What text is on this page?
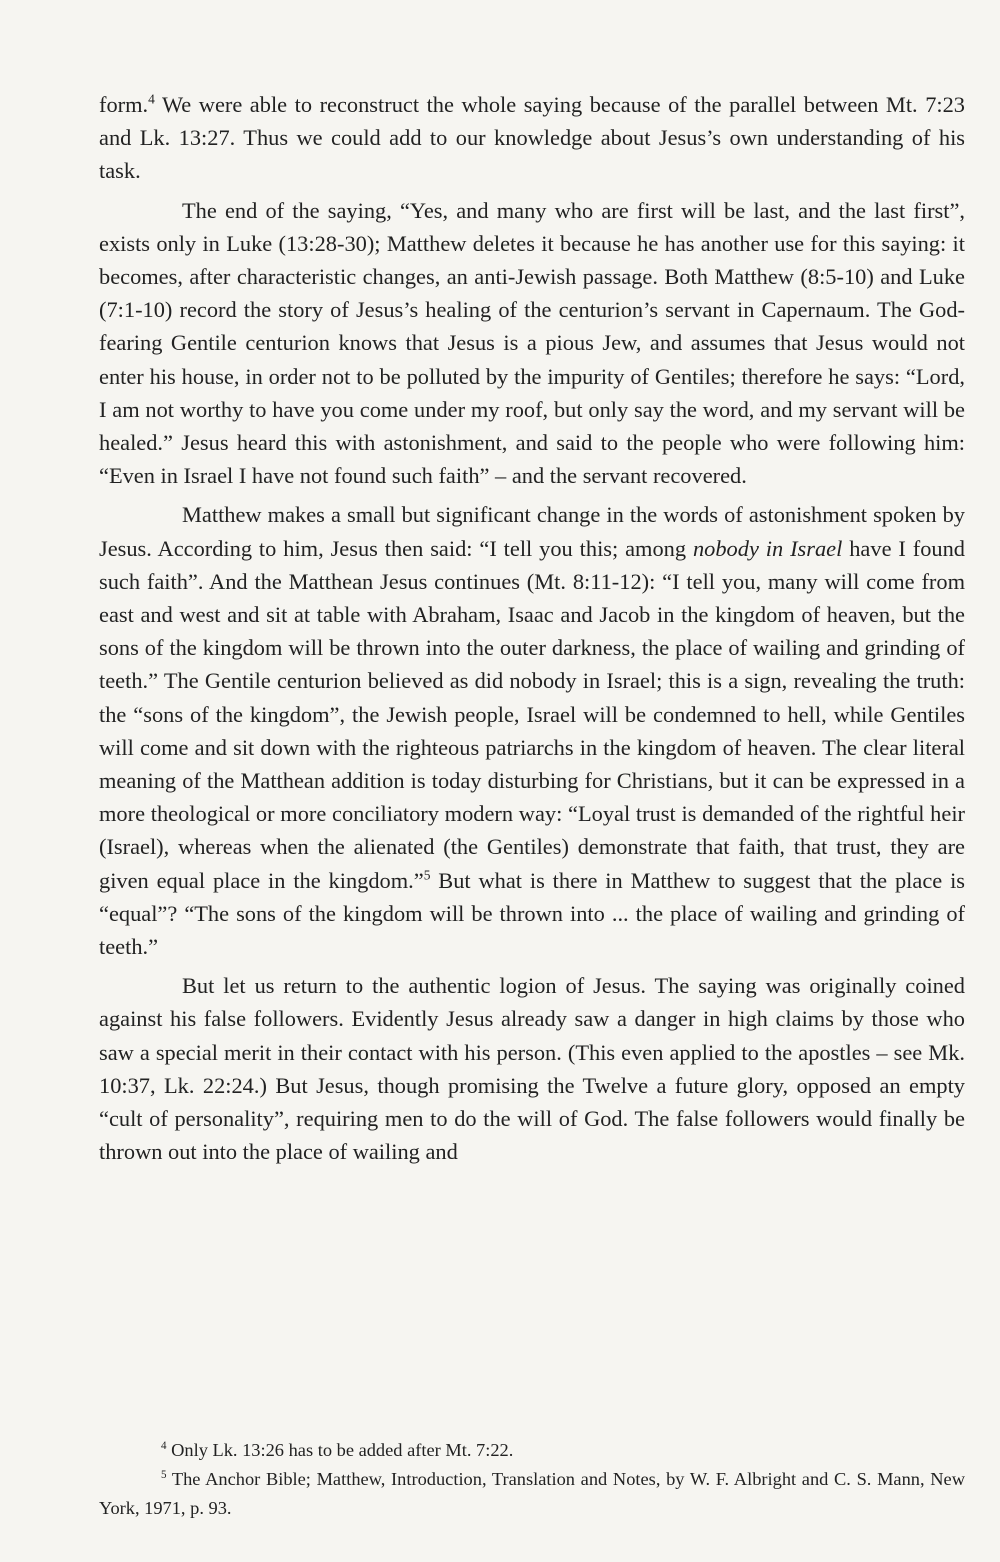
form.$^4$ We were able to reconstruct the whole saying because of the parallel between Mt. 7:23 and Lk. 13:27. Thus we could add to our knowledge about Jesus’s own understanding of his task.

The end of the saying, “Yes, and many who are first will be last, and the last first”, exists only in Luke (13:28-30); Matthew deletes it because he has another use for this saying: it becomes, after characteristic changes, an anti-Jewish passage. Both Matthew (8:5-10) and Luke (7:1-10) record the story of Jesus’s healing of the centurion’s servant in Capernaum. The God-fearing Gentile centurion knows that Jesus is a pious Jew, and assumes that Jesus would not enter his house, in order not to be polluted by the impurity of Gentiles; therefore he says: “Lord, I am not worthy to have you come under my roof, but only say the word, and my servant will be healed.” Jesus heard this with astonishment, and said to the people who were following him: “Even in Israel I have not found such faith” – and the servant recovered.

Matthew makes a small but significant change in the words of astonishment spoken by Jesus. According to him, Jesus then said: “I tell you this; among nobody in Israel have I found such faith”. And the Matthean Jesus continues (Mt. 8:11-12): “I tell you, many will come from east and west and sit at table with Abraham, Isaac and Jacob in the kingdom of heaven, but the sons of the kingdom will be thrown into the outer darkness, the place of wailing and grinding of teeth.” The Gentile centurion believed as did nobody in Israel; this is a sign, revealing the truth: the “sons of the kingdom”, the Jewish people, Israel will be condemned to hell, while Gentiles will come and sit down with the righteous patriarchs in the kingdom of heaven. The clear literal meaning of the Matthean addition is today disturbing for Christians, but it can be expressed in a more theological or more conciliatory modern way: “Loyal trust is demanded of the rightful heir (Israel), whereas when the alienated (the Gentiles) demonstrate that faith, that trust, they are given equal place in the kingdom.”$^5$ But what is there in Matthew to suggest that the place is “equal”? “The sons of the kingdom will be thrown into ... the place of wailing and grinding of teeth.”

But let us return to the authentic logion of Jesus. The saying was originally coined against his false followers. Evidently Jesus already saw a danger in high claims by those who saw a special merit in their contact with his person. (This even applied to the apostles – see Mk. 10:37, Lk. 22:24.) But Jesus, though promising the Twelve a future glory, opposed an empty “cult of personality”, requiring men to do the will of God. The false followers would finally be thrown out into the place of wailing and

$^4$ Only Lk. 13:26 has to be added after Mt. 7:22.

$^5$ The Anchor Bible; Matthew, Introduction, Translation and Notes, by W. F. Albright and C. S. Mann, New York, 1971, p. 93.
